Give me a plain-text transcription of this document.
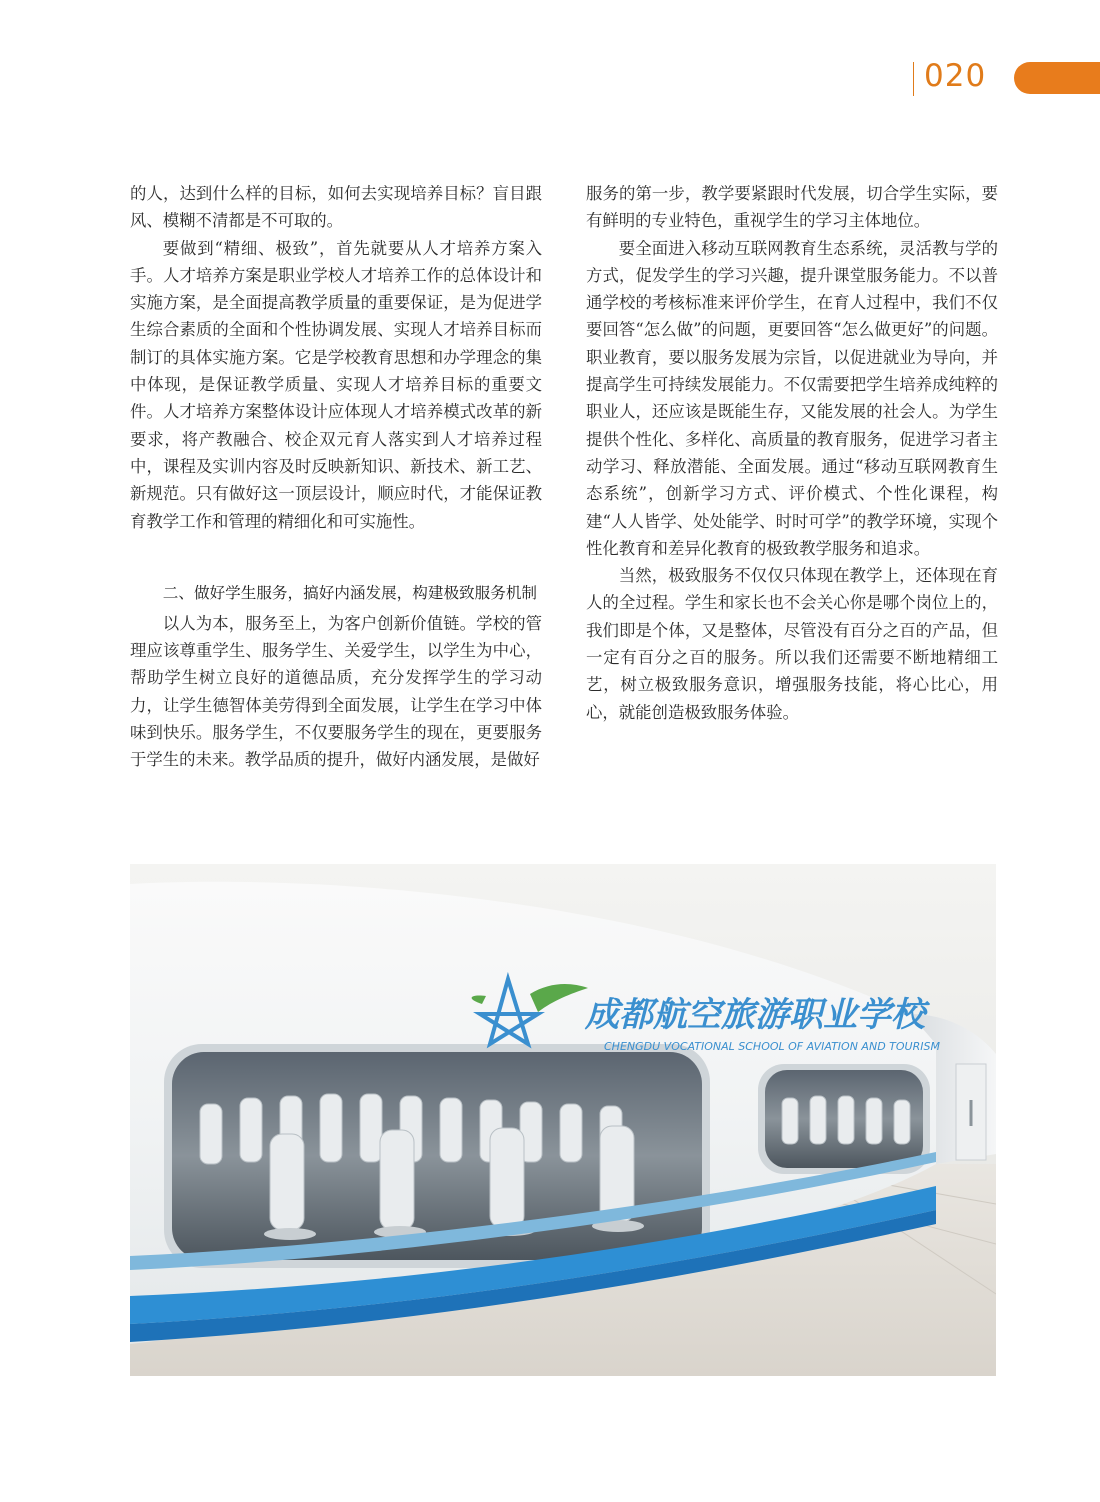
020

的人，达到什么样的目标，如何去实现培养目标？盲目跟风、模糊不清都是不可取的。

要做到“精细、极致”，首先就要从人才培养方案入手。人才培养方案是职业学校人才培养工作的总体设计和实施方案，是全面提高教学质量的重要保证，是为促进学生综合素质的全面和个性协调发展、实现人才培养目标而制订的具体实施方案。它是学校教育思想和办学理念的集中体现，是保证教学质量、实现人才培养目标的重要文件。人才培养方案整体设计应体现人才培养模式改革的新要求，将产教融合、校企双元育人落实到人才培养过程中，课程及实训内容及时反映新知识、新技术、新工艺、新规范。只有做好这一顶层设计，顺应时代，才能保证教育教学工作和管理的精细化和可实施性。

二、做好学生服务，搞好内涵发展，构建极致服务机制

以人为本，服务至上，为客户创新价值链。学校的管理应该尊重学生、服务学生、关爱学生，以学生为中心，帮助学生树立良好的道德品质，充分发挥学生的学习动力，让学生德智体美劳得到全面发展，让学生在学习中体味到快乐。服务学生，不仅要服务学生的现在，更要服务于学生的未来。教学品质的提升，做好内涵发展，是做好

服务的第一步，教学要紧跟时代发展，切合学生实际，要有鲜明的专业特色，重视学生的学习主体地位。

要全面进入移动互联网教育生态系统，灵活教与学的方式，促发学生的学习兴趣，提升课堂服务能力。不以普通学校的考核标准来评价学生，在育人过程中，我们不仅要回答“怎么做”的问题，更要回答“怎么做更好”的问题。职业教育，要以服务发展为宗旨，以促进就业为导向，并提高学生可持续发展能力。不仅需要把学生培养成纯粹的职业人，还应该是既能生存，又能发展的社会人。为学生提供个性化、多样化、高质量的教育服务，促进学习者主动学习、释放潜能、全面发展。通过“移动互联网教育生态系统”，创新学习方式、评价模式、个性化课程，构建“人人皆学、处处能学、时时可学”的教学环境，实现个性化教育和差异化教育的极致教学服务和追求。

当然，极致服务不仅仅只体现在教学上，还体现在育人的全过程。学生和家长也不会关心你是哪个岗位上的，我们即是个体，又是整体，尽管没有百分之百的产品，但一定有百分之百的服务。所以我们还需要不断地精细工艺，树立极致服务意识，增强服务技能，将心比心，用心，就能创造极致服务体验。

成都航空旅游职业学校
CHENGDU VOCATIONAL SCHOOL OF AVIATION AND TOURISM
